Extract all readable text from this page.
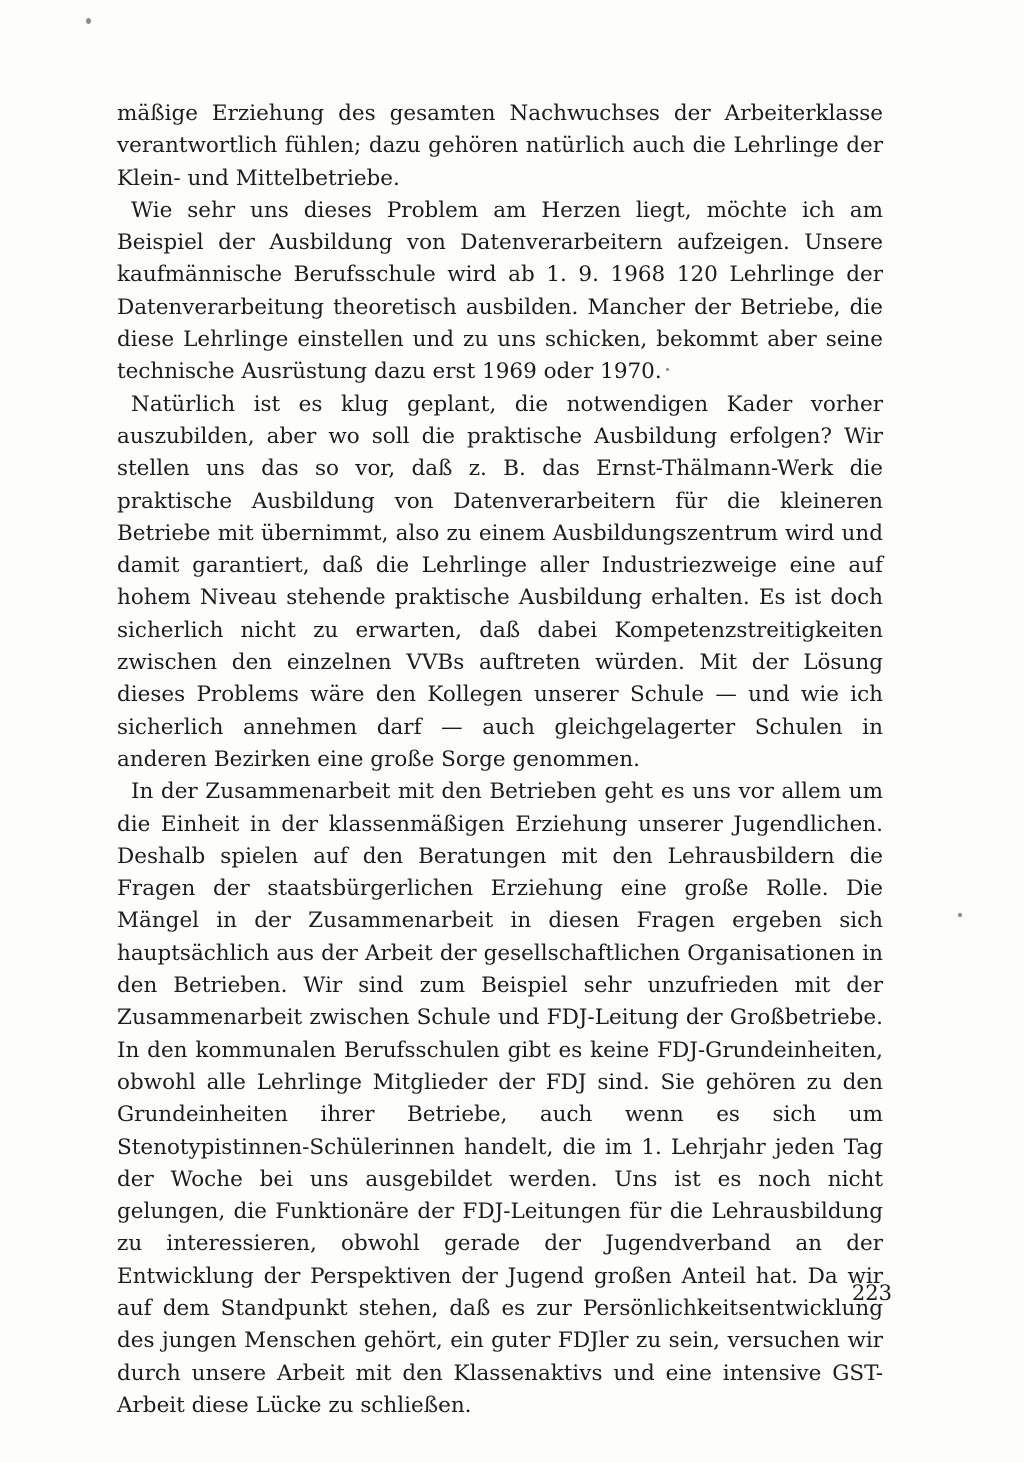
mäßige Erziehung des gesamten Nachwuchses der Arbeiterklasse verantwortlich fühlen; dazu gehören natürlich auch die Lehrlinge der Klein- und Mittelbetriebe.

Wie sehr uns dieses Problem am Herzen liegt, möchte ich am Beispiel der Ausbildung von Datenverarbeitern aufzeigen. Unsere kaufmännische Berufsschule wird ab 1. 9. 1968 120 Lehrlinge der Datenverarbeitung theoretisch ausbilden. Mancher der Betriebe, die diese Lehrlinge einstellen und zu uns schicken, bekommt aber seine technische Ausrüstung dazu erst 1969 oder 1970.

Natürlich ist es klug geplant, die notwendigen Kader vorher auszubilden, aber wo soll die praktische Ausbildung erfolgen? Wir stellen uns das so vor, daß z. B. das Ernst-Thälmann-Werk die praktische Ausbildung von Datenverarbeitern für die kleineren Betriebe mit übernimmt, also zu einem Ausbildungszentrum wird und damit garantiert, daß die Lehrlinge aller Industriezweige eine auf hohem Niveau stehende praktische Ausbildung erhalten. Es ist doch sicherlich nicht zu erwarten, daß dabei Kompetenzstreitigkeiten zwischen den einzelnen VVBs auftreten würden. Mit der Lösung dieses Problems wäre den Kollegen unserer Schule — und wie ich sicherlich annehmen darf — auch gleichgelagerter Schulen in anderen Bezirken eine große Sorge genommen.

In der Zusammenarbeit mit den Betrieben geht es uns vor allem um die Einheit in der klassenmäßigen Erziehung unserer Jugendlichen. Deshalb spielen auf den Beratungen mit den Lehrausbildern die Fragen der staatsbürgerlichen Erziehung eine große Rolle. Die Mängel in der Zusammenarbeit in diesen Fragen ergeben sich hauptsächlich aus der Arbeit der gesellschaftlichen Organisationen in den Betrieben. Wir sind zum Beispiel sehr unzufrieden mit der Zusammenarbeit zwischen Schule und FDJ-Leitung der Großbetriebe. In den kommunalen Berufsschulen gibt es keine FDJ-Grundeinheiten, obwohl alle Lehrlinge Mitglieder der FDJ sind. Sie gehören zu den Grundeinheiten ihrer Betriebe, auch wenn es sich um Stenotypistinnen-Schülerinnen handelt, die im 1. Lehrjahr jeden Tag der Woche bei uns ausgebildet werden. Uns ist es noch nicht gelungen, die Funktionäre der FDJ-Leitungen für die Lehrausbildung zu interessieren, obwohl gerade der Jugendverband an der Entwicklung der Perspektiven der Jugend großen Anteil hat. Da wir auf dem Standpunkt stehen, daß es zur Persönlichkeitsentwicklung des jungen Menschen gehört, ein guter FDJler zu sein, versuchen wir durch unsere Arbeit mit den Klassenaktivs und eine intensive GST-Arbeit diese Lücke zu schließen.

223
